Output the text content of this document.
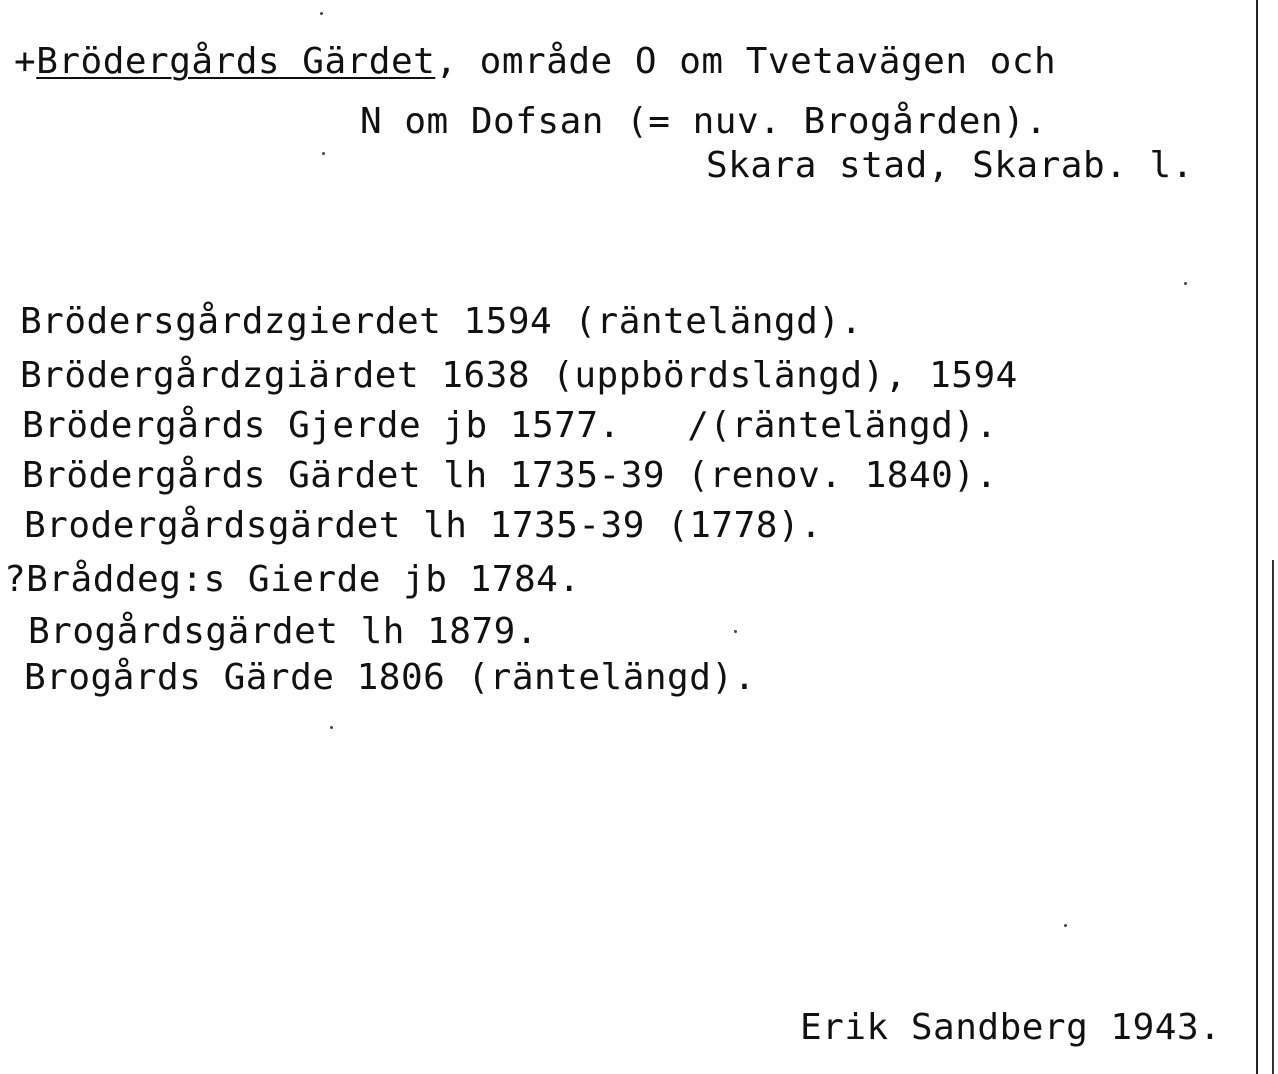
+Brödergårds Gärdet, område O om Tvetavägen och
N om Dofsan (= nuv. Brogården).
Skara stad, Skarab. l.
Brödersgårdzgierdet 1594 (räntelängd).
Brödergårdzgiärdet 1638 (uppbördslängd), 1594
Brödergårds Gjerde jb 1577.   /(räntelängd).
Brödergårds Gärdet lh 1735-39 (renov. 1840).
Brodergårdsgärdet lh 1735-39 (1778).
?Bråddeg:s Gierde jb 1784.
Brogårdsgärdet lh 1879.
Brogårds Gärde 1806 (räntelängd).
Erik Sandberg 1943.
